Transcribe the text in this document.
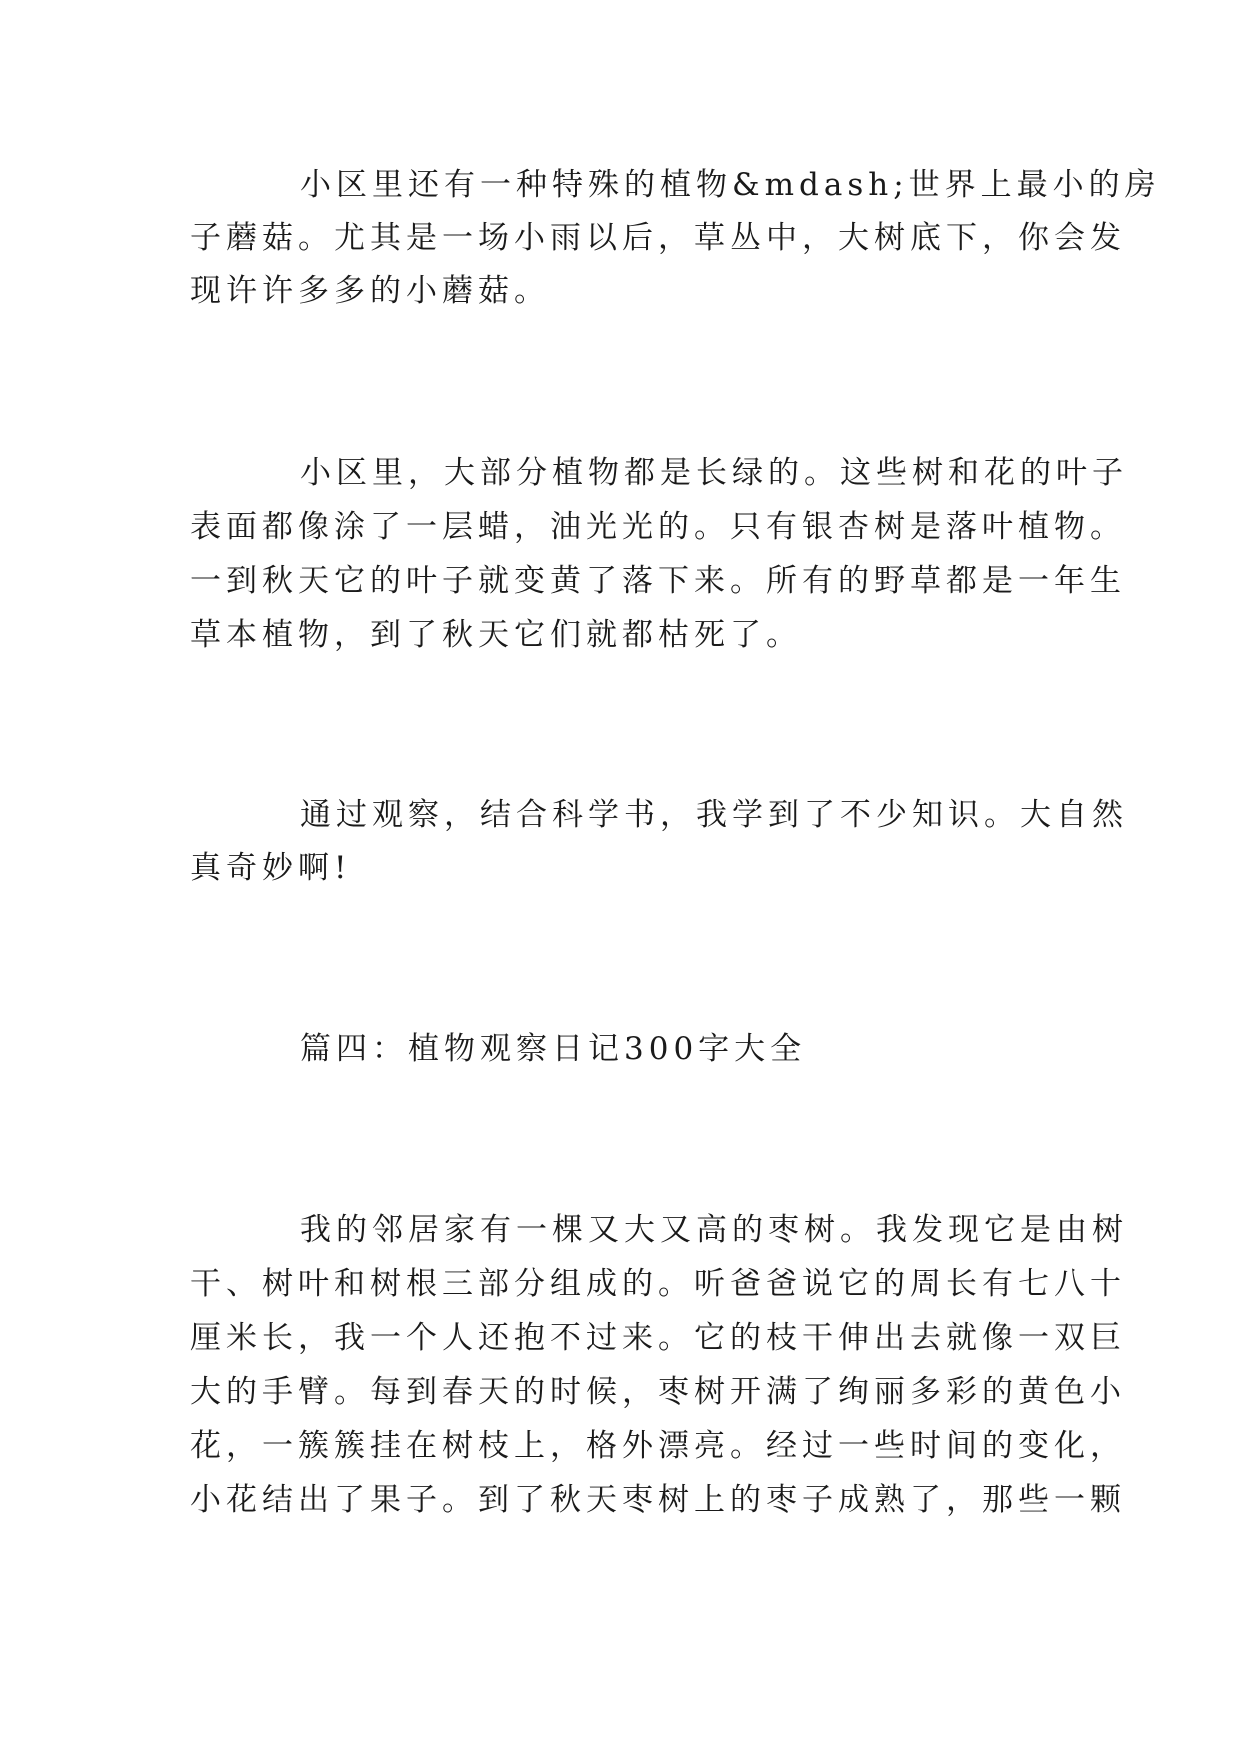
小区里还有一种特殊的植物&mdash;世界上最小的房
子蘑菇。尤其是一场小雨以后，草丛中，大树底下，你会发
现许许多多的小蘑菇。
小区里，大部分植物都是长绿的。这些树和花的叶子
表面都像涂了一层蜡，油光光的。只有银杏树是落叶植物。
一到秋天它的叶子就变黄了落下来。所有的野草都是一年生
草本植物，到了秋天它们就都枯死了。
通过观察，结合科学书，我学到了不少知识。大自然
真奇妙啊!
篇四：植物观察日记300字大全
我的邻居家有一棵又大又高的枣树。我发现它是由树
干、树叶和树根三部分组成的。听爸爸说它的周长有七八十
厘米长，我一个人还抱不过来。它的枝干伸出去就像一双巨
大的手臂。每到春天的时候，枣树开满了绚丽多彩的黄色小
花，一簇簇挂在树枝上，格外漂亮。经过一些时间的变化，
小花结出了果子。到了秋天枣树上的枣子成熟了，那些一颗
